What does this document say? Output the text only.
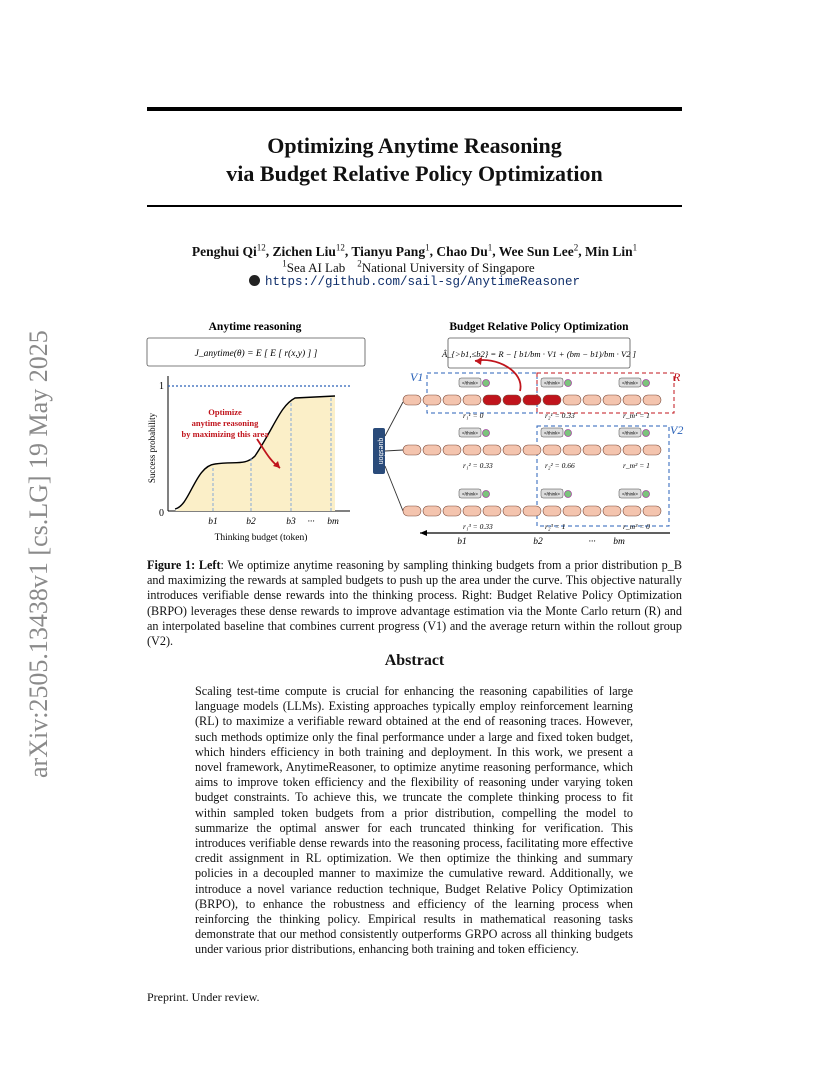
arXiv:2505.13438v1 [cs.LG] 19 May 2025
Optimizing Anytime Reasoning
via Budget Relative Policy Optimization
Penghui Qi$^{12}$, Zichen Liu$^{12}$, Tianyu Pang$^1$, Chao Du$^1$, Wee Sun Lee$^2$, Min Lin$^1$
$^1$Sea AI Lab $^2$National University of Singapore
https://github.com/sail-sg/AnytimeReasoner
Anytime reasoning
J_anytime(θ) = E [ E [ r(x,y) ] ]
1
0
b1	b2	b3 ··· bm
Success probability
Thinking budget (token)
Optimize
anytime reasoning
by maximizing this area
Budget Relative Policy Optimization
Â_{>b1,≤b2} = R − [ b1/bm · V1 + (bm − b1)/bm · V2 ]
V1	R
V2
question
r₁¹ = 0
</think>
r₂¹ = 0.33
</think>
r_m¹ = 1
</think>
r₁² = 0.33
</think>
r₂² = 0.66
</think>
r_m² = 1
</think>
r₁³ = 0.33
</think>
r₂³ = 1
</think>
r_m³ = 0
</think>
b1	b2	··· bm
Figure 1: Left: We optimize anytime reasoning by sampling thinking budgets from a prior distribution p_B and maximizing the rewards at sampled budgets to push up the area under the curve. This objective naturally introduces verifiable dense rewards into the thinking process. Right: Budget Relative Policy Optimization (BRPO) leverages these dense rewards to improve advantage estimation via the Monte Carlo return (R) and an interpolated baseline that combines current progress (V1) and the average return within the rollout group (V2).
Abstract
Scaling test-time compute is crucial for enhancing the reasoning capabilities of large language models (LLMs). Existing approaches typically employ reinforcement learning (RL) to maximize a verifiable reward obtained at the end of reasoning traces. However, such methods optimize only the final performance under a large and fixed token budget, which hinders efficiency in both training and deployment. In this work, we present a novel framework, AnytimeReasoner, to optimize anytime reasoning performance, which aims to improve token efficiency and the flexibility of reasoning under varying token budget constraints. To achieve this, we truncate the complete thinking process to fit within sampled token budgets from a prior distribution, compelling the model to summarize the optimal answer for each truncated thinking for verification. This introduces verifiable dense rewards into the reasoning process, facilitating more effective credit assignment in RL optimization. We then optimize the thinking and summary policies in a decoupled manner to maximize the cumulative reward. Additionally, we introduce a novel variance reduction technique, Budget Relative Policy Optimization (BRPO), to enhance the robustness and efficiency of the learning process when reinforcing the thinking policy. Empirical results in mathematical reasoning tasks demonstrate that our method consistently outperforms GRPO across all thinking budgets under various prior distributions, enhancing both training and token efficiency.
Preprint. Under review.
